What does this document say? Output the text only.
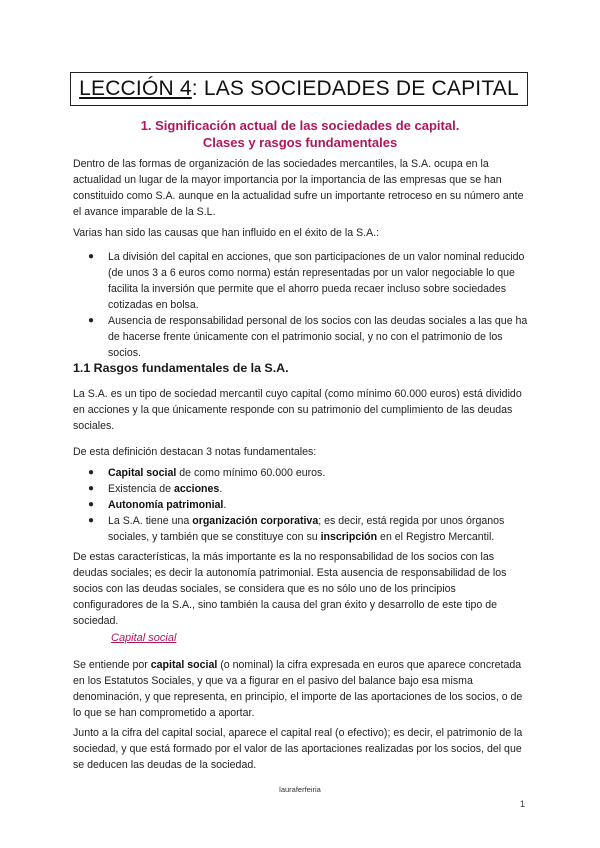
LECCIÓN 4 : LAS SOCIEDADES DE CAPITAL
1. Significación actual de las sociedades de capital. Clases y rasgos fundamentales
Dentro de las formas de organización de las sociedades mercantiles, la S.A. ocupa en la actualidad un lugar de la mayor importancia por la importancia de las empresas que se han constituido como S.A. aunque en la actualidad sufre un importante retroceso en su número ante el avance imparable de la S.L.
Varias han sido las causas que han influido en el éxito de la S.A.:
●	La división del capital en acciones, que son participaciones de un valor nominal reducido (de unos 3 a 6 euros como norma) están representadas por un valor negociable lo que facilita la inversión que permite que el ahorro pueda recaer incluso sobre sociedades cotizadas en bolsa.
●	Ausencia de responsabilidad personal de los socios con las deudas sociales a las que ha de hacerse frente únicamente con el patrimonio social, y no con el patrimonio de los socios.
1.1 Rasgos fundamentales de la S.A.
La S.A. es un tipo de sociedad mercantil cuyo capital (como mínimo 60.000 euros) está dividido en acciones y la que únicamente responde con su patrimonio del cumplimiento de las deudas sociales.
De esta definición destacan 3 notas fundamentales:
●	Capital social de como mínimo 60.000 euros.
●	Existencia de acciones.
●	Autonomía patrimonial.
●	La S.A. tiene una organización corporativa; es decir, está regida por unos órganos sociales, y también que se constituye con su inscripción en el Registro Mercantil.
De estas características, la más importante es la no responsabilidad de los socios con las deudas sociales; es decir la autonomía patrimonial. Esta ausencia de responsabilidad de los socios con las deudas sociales, se considera que es no sólo uno de los principios configuradores de la S.A., sino también la causa del gran éxito y desarrollo de este tipo de sociedad.
Capital social
Se entiende por capital social (o nominal) la cifra expresada en euros que aparece concretada en los Estatutos Sociales, y que va a figurar en el pasivo del balance bajo esa misma denominación, y que representa, en principio, el importe de las aportaciones de los socios, o de lo que se han comprometido a aportar.
Junto a la cifra del capital social, aparece el capital real (o efectivo); es decir, el patrimonio de la sociedad, y que está formado por el valor de las aportaciones realizadas por los socios, del que se deducen las deudas de la sociedad.
lauraferfeiria
1
